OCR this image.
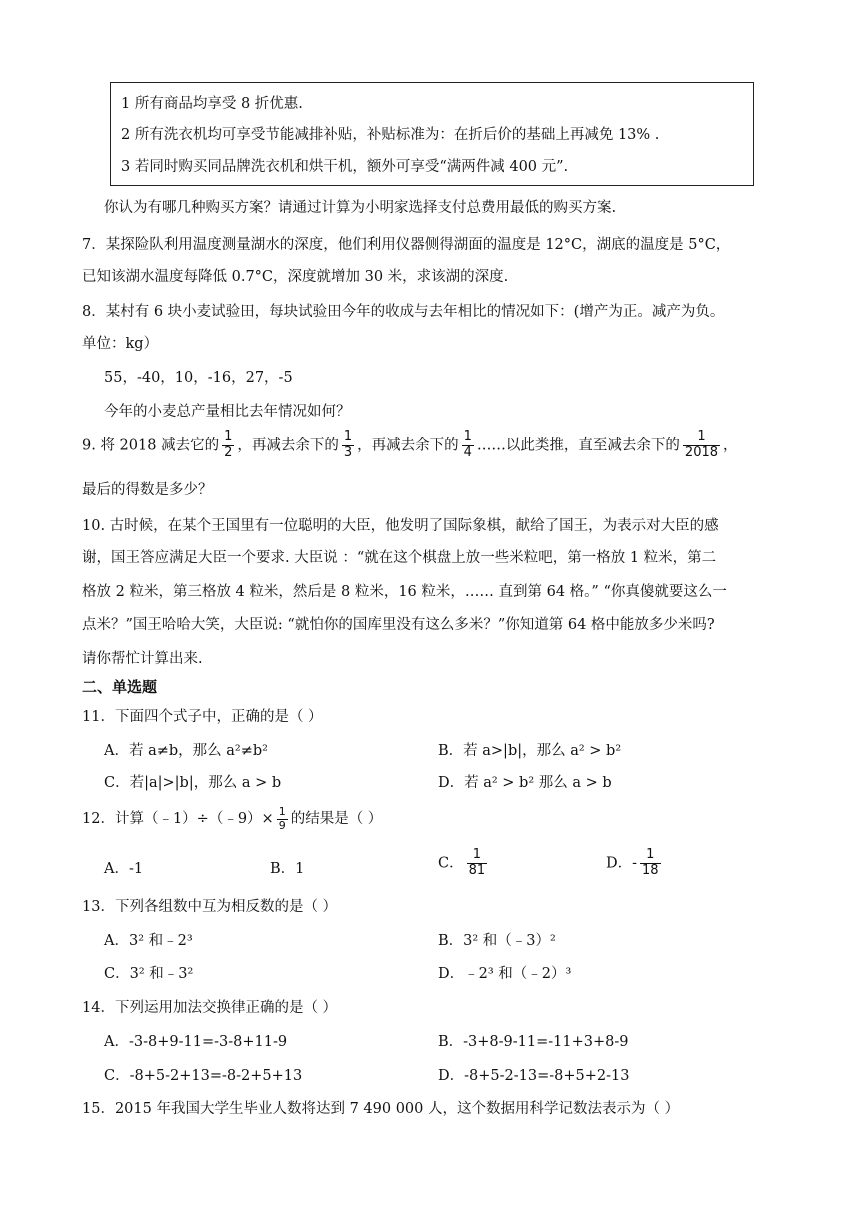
1 所有商品均享受 8 折优惠.
2 所有洗衣机均可享受节能减排补贴，补贴标准为：在折后价的基础上再减免 13% .
3 若同时购买同品牌洗衣机和烘干机，额外可享受“满两件减 400 元”.
你认为有哪几种购买方案？请通过计算为小明家选择支付总费用最低的购买方案.
7．某探险队利用温度测量湖水的深度，他们利用仪器侧得湖面的温度是 12°C，湖底的温度是 5°C，
已知该湖水温度每降低 0.7°C，深度就增加 30 米，求该湖的深度.
8．某村有 6 块小麦试验田，每块试验田今年的收成与去年相比的情况如下：(增产为正。减产为负。
单位：kg）
55，-40，10，-16，27，-5
今年的小麦总产量相比去年情况如何？
9. 将 2018 减去它的 $\frac{1}{2}$ ，再减去余下的 $\frac{1}{3}$ ，再减去余下的 $\frac{1}{4}$ ……以此类推，直至减去余下的 $\frac{1}{2018}$ ，
最后的得数是多少？
10. 古时候，在某个王国里有一位聪明的大臣，他发明了国际象棋，献给了国王，为表示对大臣的感
谢，国王答应满足大臣一个要求. 大臣说 ：“就在这个棋盘上放一些米粒吧，第一格放 1 粒米，第二
格放 2 粒米，第三格放 4 粒米，然后是 8 粒米，16 粒米，…… 直到第 64 格。” “你真傻就要这么一
点米？”国王哈哈大笑，大臣说: “就怕你的国库里没有这么多米？”你知道第 64 格中能放多少米吗?
请你帮忙计算出来.
二、单选题
11．下面四个式子中，正确的是（ ）
A．若 a≠b，那么 a²≠b²	B．若 a>|b|，那么 a² > b²
C．若|a|>|b|，那么 a > b	D．若 a² > b² 那么 a > b
12．计算（﹣1）÷（﹣9）× $\frac{1}{9}$ 的结果是（ ）
A．-1	B．1	C． $\frac{1}{81}$	D．- $\frac{1}{18}$
13．下列各组数中互为相反数的是（ ）
A．3² 和﹣2³	B．3² 和（﹣3）²
C．3² 和﹣3²	D．﹣2³ 和（﹣2）³
14．下列运用加法交换律正确的是（ ）
A．-3-8+9-11=-3-8+11-9	B．-3+8-9-11=-11+3+8-9
C．-8+5-2+13=-8-2+5+13	D．-8+5-2-13=-8+5+2-13
15．2015 年我国大学生毕业人数将达到 7 490 000 人，这个数据用科学记数法表示为（ ）
